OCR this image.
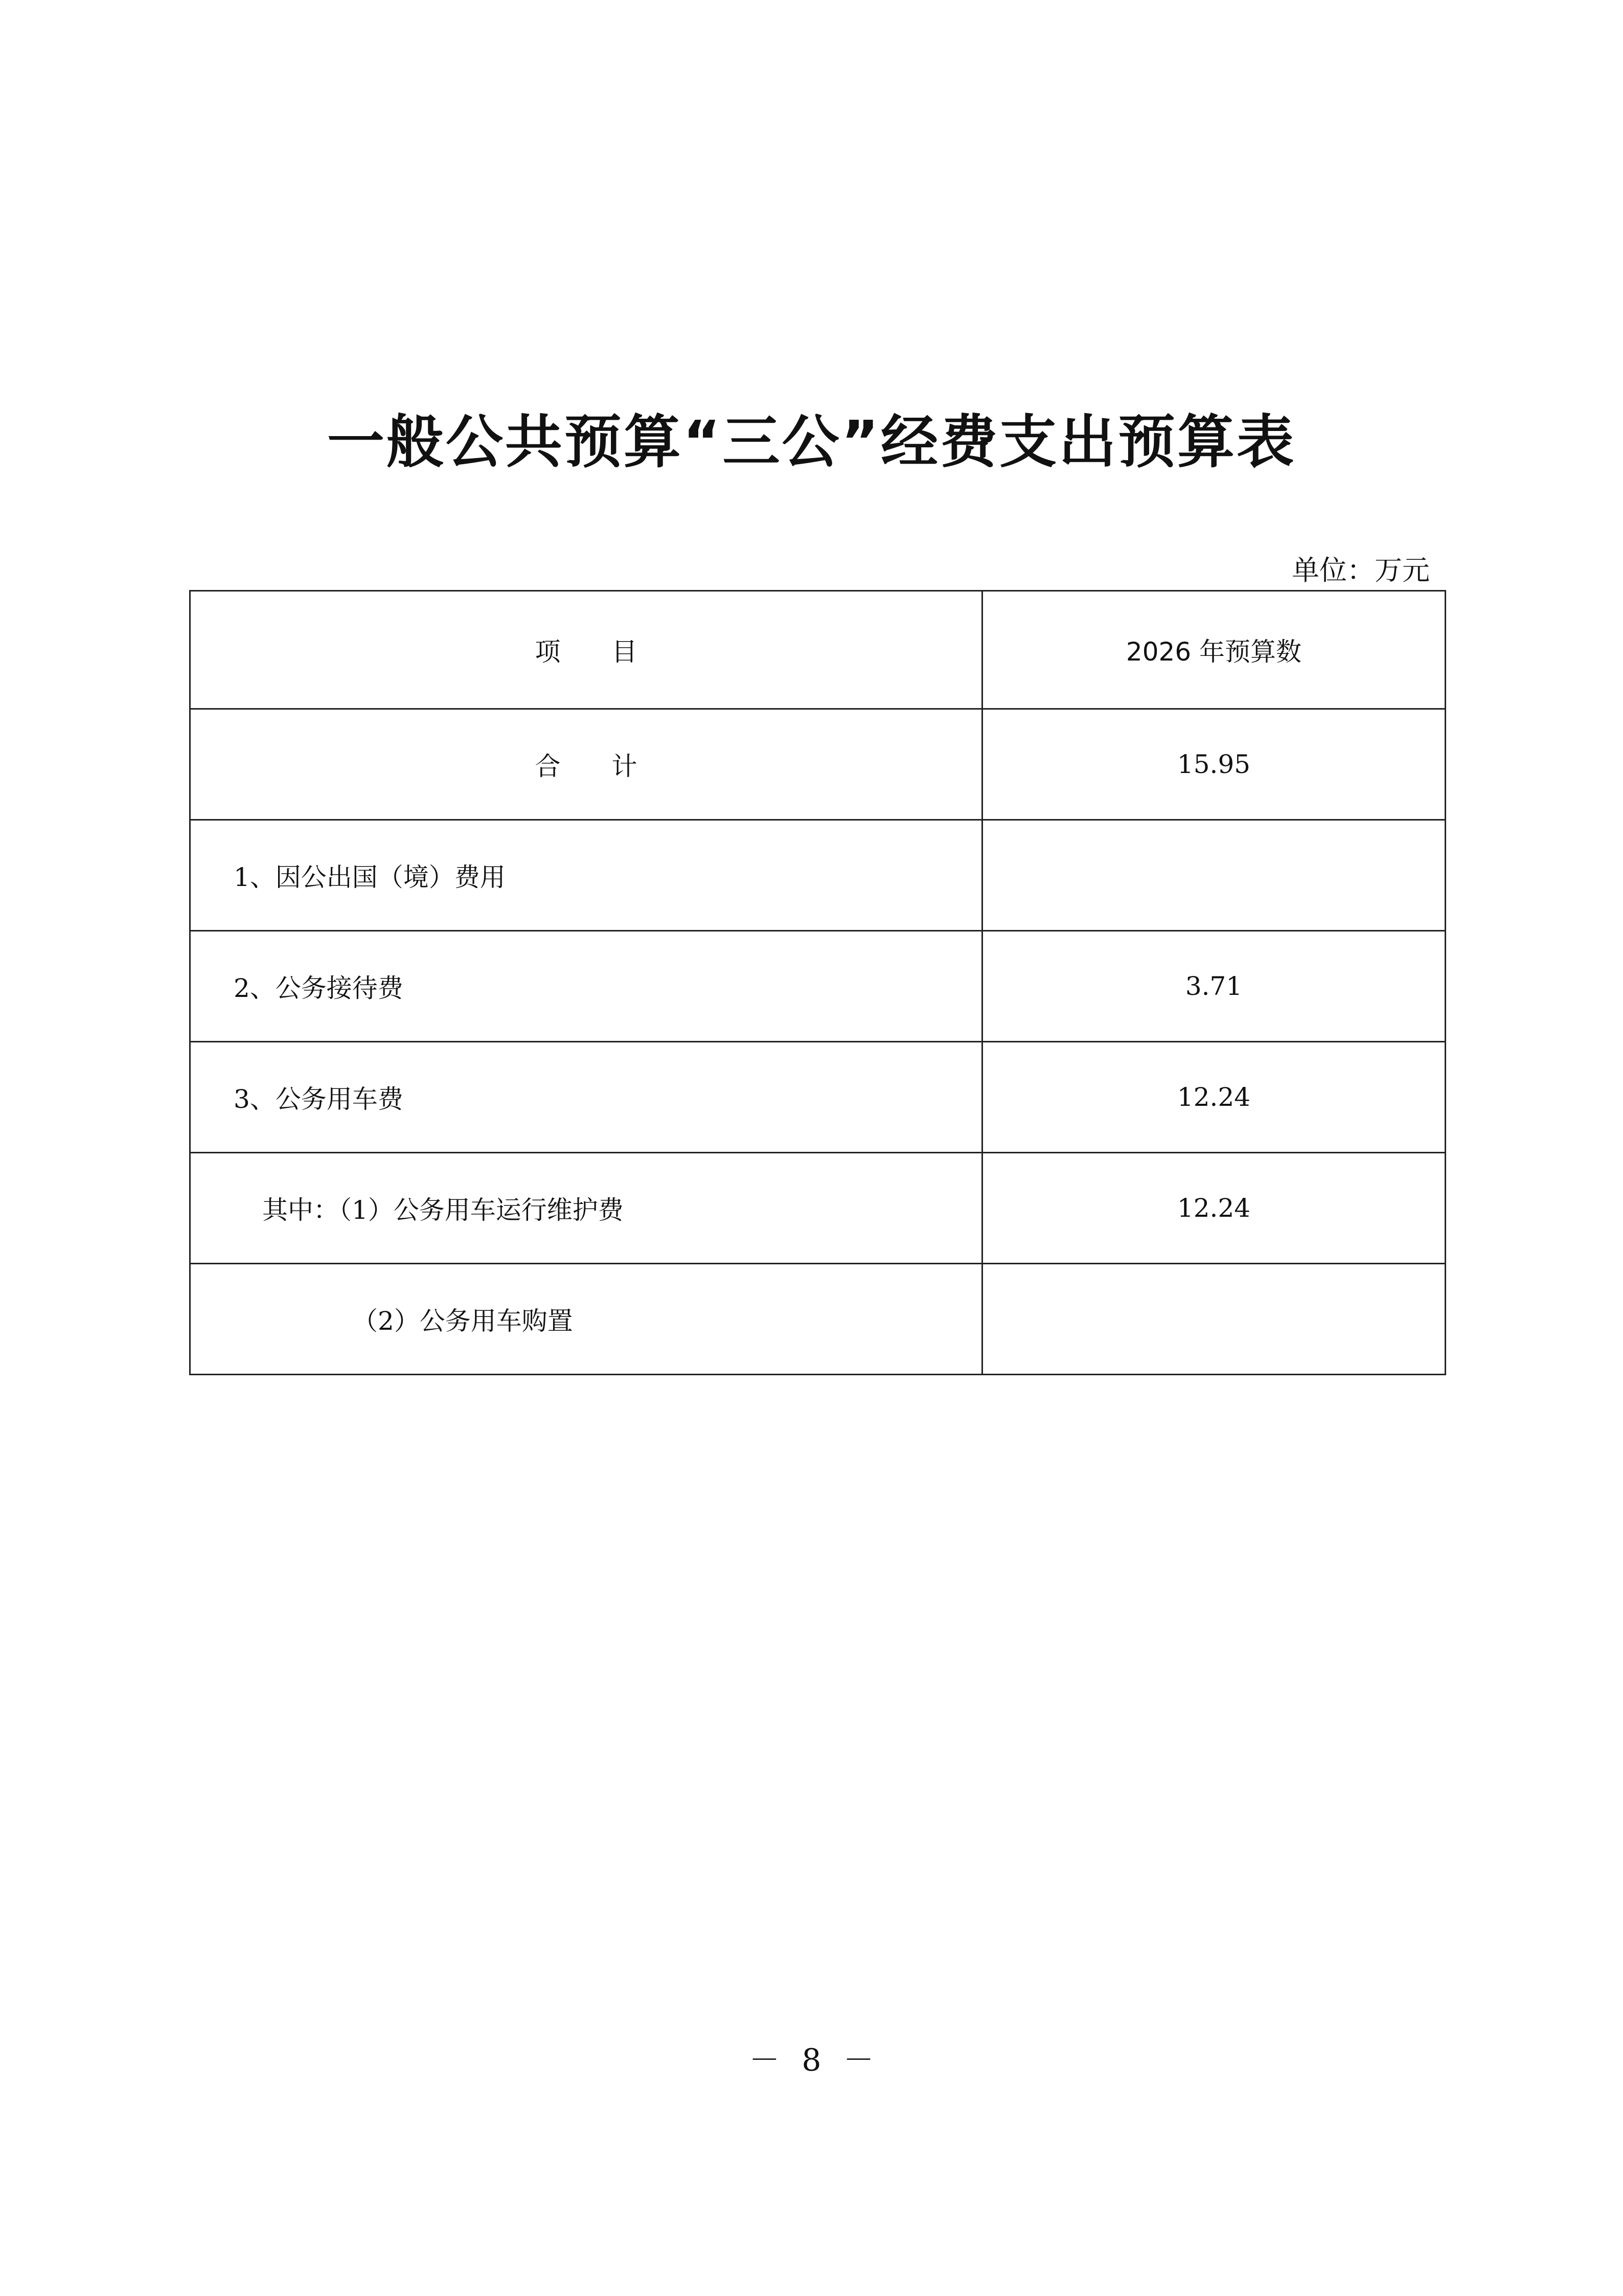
一般公共预算“三公”经费支出预算表
单位：万元
项　　目	2026 年预算数
合　　计	15.95
1、因公出国（境）费用	
2、公务接待费	3.71
3、公务用车费	12.24
其中：（1）公务用车运行维护费	12.24
（2）公务用车购置	
－ 8 －
